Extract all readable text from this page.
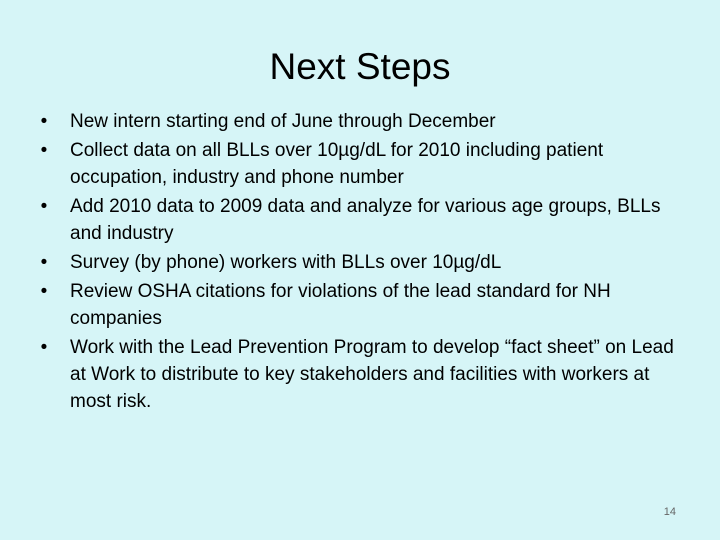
Next Steps
• New intern starting end of June through December
• Collect data on all BLLs over 10µg/dL for 2010 including patient occupation, industry and phone number
• Add 2010 data to 2009 data and analyze for various age groups, BLLs and industry
• Survey (by phone) workers with BLLs over 10µg/dL
• Review OSHA citations for violations of the lead standard for NH companies
• Work with the Lead Prevention Program to develop “fact sheet” on Lead at Work to distribute to key stakeholders and facilities with workers at most risk.
14
